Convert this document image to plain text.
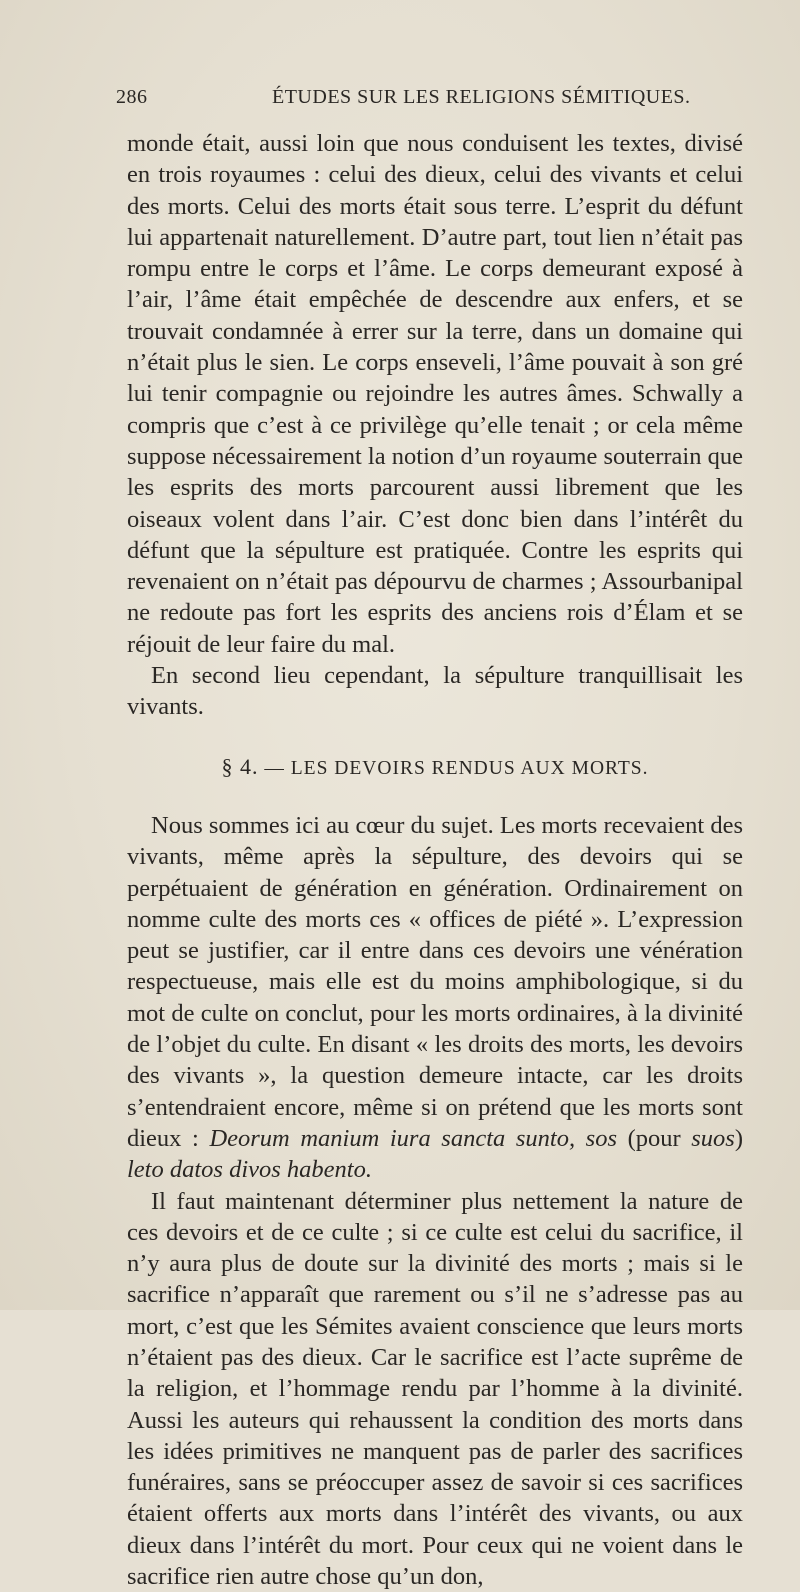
286	ÉTUDES SUR LES RELIGIONS SÉMITIQUES.

monde était, aussi loin que nous conduisent les textes, divisé en trois royaumes : celui des dieux, celui des vivants et celui des morts. Celui des morts était sous terre. L’esprit du défunt lui appartenait naturellement. D’autre part, tout lien n’était pas rompu entre le corps et l’âme. Le corps demeurant exposé à l’air, l’âme était empêchée de descendre aux enfers, et se trouvait condamnée à errer sur la terre, dans un domaine qui n’était plus le sien. Le corps enseveli, l’âme pouvait à son gré lui tenir compagnie ou rejoindre les autres âmes. Schwally a compris que c’est à ce privilège qu’elle tenait ; or cela même suppose nécessairement la notion d’un royaume souterrain que les esprits des morts parcourent aussi librement que les oiseaux volent dans l’air. C’est donc bien dans l’intérêt du défunt que la sépulture est pratiquée. Contre les esprits qui revenaient on n’était pas dépourvu de charmes ; Assourbanipal ne redoute pas fort les esprits des anciens rois d’Élam et se réjouit de leur faire du mal.

En second lieu cependant, la sépulture tranquillisait les vivants.

§ 4. — LES DEVOIRS RENDUS AUX MORTS.

Nous sommes ici au cœur du sujet. Les morts recevaient des vivants, même après la sépulture, des devoirs qui se perpétuaient de génération en génération. Ordinairement on nomme culte des morts ces « offices de piété ». L’expression peut se justifier, car il entre dans ces devoirs une vénération respectueuse, mais elle est du moins amphibologique, si du mot de culte on conclut, pour les morts ordinaires, à la divinité de l’objet du culte. En disant « les droits des morts, les devoirs des vivants », la question demeure intacte, car les droits s’entendraient encore, même si on prétend que les morts sont dieux : Deorum manium iura sancta sunto, sos (pour suos) leto datos divos habento.

Il faut maintenant déterminer plus nettement la nature de ces devoirs et de ce culte ; si ce culte est celui du sacrifice, il n’y aura plus de doute sur la divinité des morts ; mais si le sacrifice n’apparaît que rarement ou s’il ne s’adresse pas au mort, c’est que les Sémites avaient conscience que leurs morts n’étaient pas des dieux. Car le sacrifice est l’acte suprême de la religion, et l’hommage rendu par l’homme à la divinité. Aussi les auteurs qui rehaussent la condition des morts dans les idées primitives ne manquent pas de parler des sacrifices funéraires, sans se préoccuper assez de savoir si ces sacrifices étaient offerts aux morts dans l’intérêt des vivants, ou aux dieux dans l’intérêt du mort. Pour ceux qui ne voient dans le sacrifice rien autre chose qu’un don,
